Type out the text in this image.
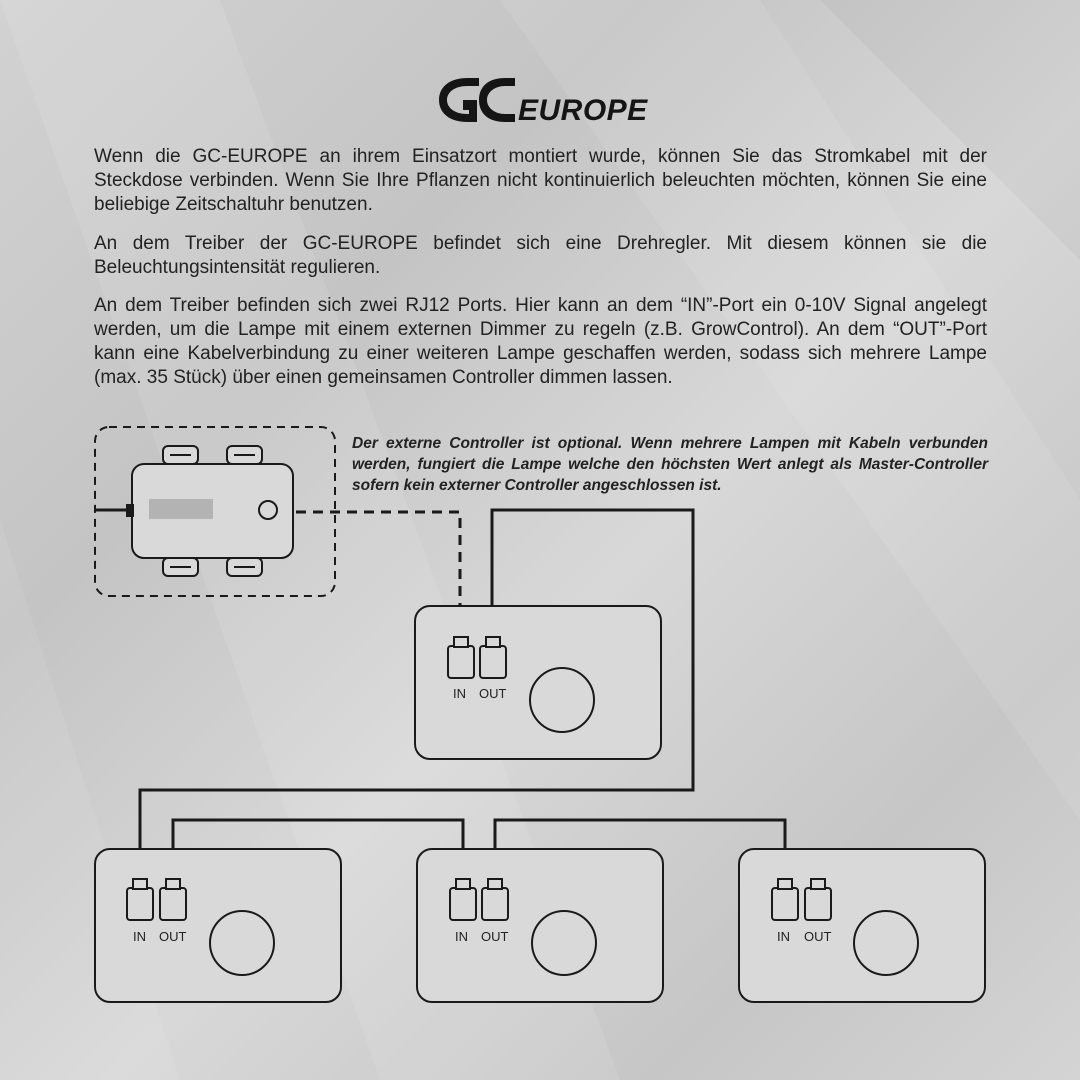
EUROPE

Wenn die GC-EUROPE an ihrem Einsatzort montiert wurde, können Sie das Stromkabel mit der Steckdose verbinden. Wenn Sie Ihre Pflanzen nicht kontinuierlich beleuchten möchten, können Sie eine beliebige Zeitschaltuhr benutzen.

An dem Treiber der GC-EUROPE befindet sich eine Drehregler. Mit diesem können sie die Beleuchtungsintensität regulieren.

An dem Treiber befinden sich zwei RJ12 Ports. Hier kann an dem “IN”-Port ein 0-10V Signal angelegt werden, um die Lampe mit einem externen Dimmer zu regeln (z.B. GrowControl). An dem “OUT”-Port kann eine Kabelverbindung zu einer weiteren Lampe geschaffen werden, sodass sich mehrere Lampe (max. 35 Stück) über einen gemeinsamen Controller dimmen lassen.

Der externe Controller ist optional. Wenn mehrere Lampen mit Kabeln verbunden werden, fungiert die Lampe welche den höchsten Wert anlegt als Master-Controller sofern kein externer Controller angeschlossen ist.

IN OUT
IN OUT	IN OUT	IN OUT
